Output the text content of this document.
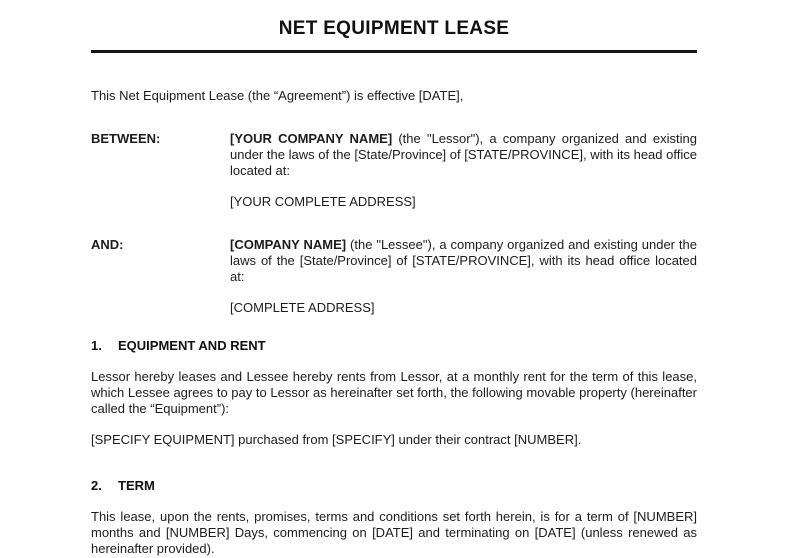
NET EQUIPMENT LEASE

This Net Equipment Lease (the “Agreement”) is effective [DATE],

BETWEEN:	[YOUR COMPANY NAME] (the "Lessor"), a company organized and existing under the laws of the [State/Province] of [STATE/PROVINCE], with its head office located at:

[YOUR COMPLETE ADDRESS]

AND:	[COMPANY NAME] (the "Lessee"), a company organized and existing under the laws of the [State/Province] of [STATE/PROVINCE], with its head office located at:

[COMPLETE ADDRESS]

1.	EQUIPMENT AND RENT

Lessor hereby leases and Lessee hereby rents from Lessor, at a monthly rent for the term of this lease, which Lessee agrees to pay to Lessor as hereinafter set forth, the following movable property (hereinafter called the “Equipment”):

[SPECIFY EQUIPMENT] purchased from [SPECIFY] under their contract [NUMBER].

2.	TERM

This lease, upon the rents, promises, terms and conditions set forth herein, is for a term of [NUMBER] months and [NUMBER] Days, commencing on [DATE] and terminating on [DATE] (unless renewed as hereinafter provided).
